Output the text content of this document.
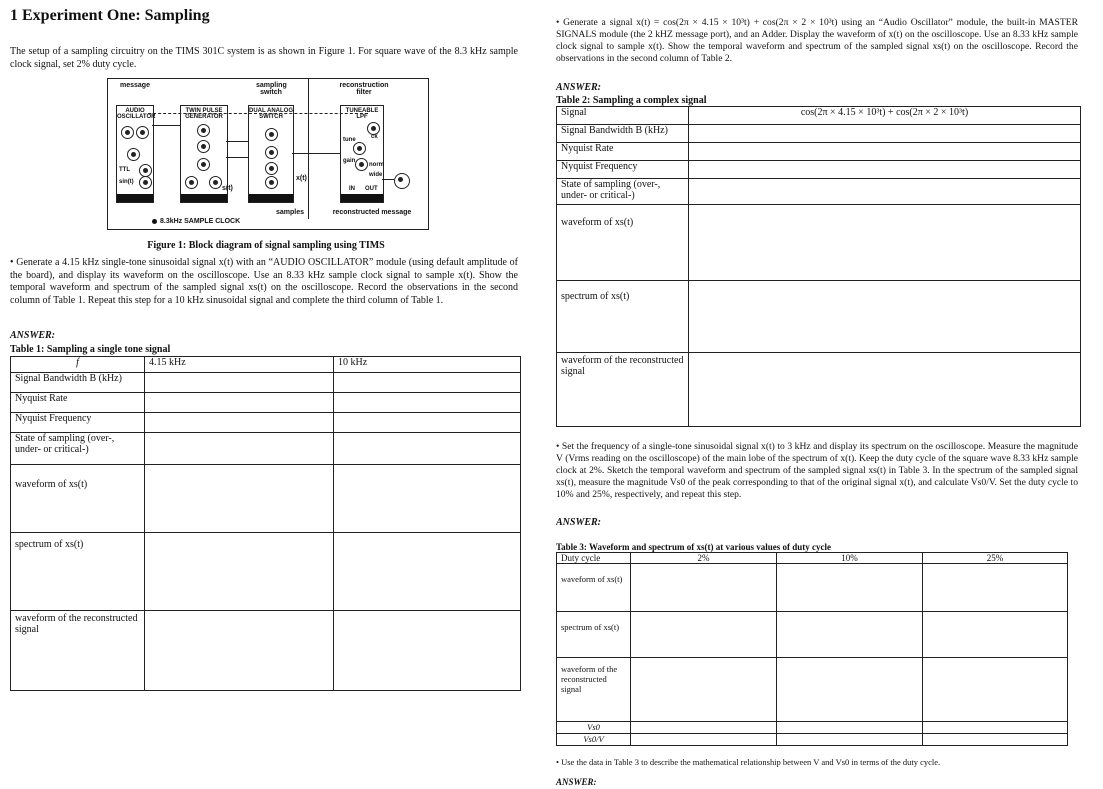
1 Experiment One: Sampling

The setup of a sampling circuitry on the TIMS 301C system is as shown in Figure 1. For square wave of the 8.3 kHz sample clock signal, set 2% duty cycle.

message	sampling switch
reconstruction filter
AUDIO OSCILLATOR
TTL
sin(t)
TWIN PULSE GENERATOR
s(t)
DUAL ANALOG SWITCH
x(t)
samples
TUNEABLE LPF
ck
tune
gain
norm
wide
IN OUT
reconstructed message
8.3kHz SAMPLE CLOCK
Figure 1: Block diagram of signal sampling using TIMS

• Generate a 4.15 kHz single-tone sinusoidal signal x(t) with an “AUDIO OSCILLATOR” module (using default amplitude of the board), and display its waveform on the oscilloscope. Use an 8.33 kHz sample clock signal to sample x(t). Show the temporal waveform and spectrum of the sampled signal xs(t) on the oscilloscope. Record the observations in the second column of Table 1. Repeat this step for a 10 kHz sinusoidal signal and complete the third column of Table 1.

ANSWER:
Table 1: Sampling a single tone signal
f	4.15 kHz	10 kHz
Signal Bandwidth B (kHz)		
Nyquist Rate		
Nyquist Frequency		
State of sampling (over-, under- or critical-)		
waveform of xs(t)		
spectrum of xs(t)		
waveform of the reconstructed signal		

• Generate a signal x(t) = cos(2π × 4.15 × 10³t) + cos(2π × 2 × 10³t) using an “Audio Oscillator” module, the built-in MASTER SIGNALS module (the 2 kHZ message port), and an Adder. Display the waveform of x(t) on the oscilloscope. Use an 8.33 kHz sample clock signal to sample x(t). Show the temporal waveform and spectrum of the sampled signal xs(t) on the oscilloscope. Record the observations in the second column of Table 2.

ANSWER:
Table 2: Sampling a complex signal
Signal	cos(2π × 4.15 × 10³t) + cos(2π × 2 × 10³t)
Signal Bandwidth B (kHz)	
Nyquist Rate	
Nyquist Frequency	
State of sampling (over-, under- or critical-)	
waveform of xs(t)	
spectrum of xs(t)	
waveform of the reconstructed signal	

• Set the frequency of a single-tone sinusoidal signal x(t) to 3 kHz and display its spectrum on the oscilloscope. Measure the magnitude V (Vrms reading on the oscilloscope) of the main lobe of the spectrum of x(t). Keep the duty cycle of the square wave 8.33 kHz sample clock at 2%. Sketch the temporal waveform and spectrum of the sampled signal xs(t) in Table 3. In the spectrum of the sampled signal xs(t), measure the magnitude Vs0 of the peak corresponding to that of the original signal x(t), and calculate Vs0/V. Set the duty cycle to 10% and 25%, respectively, and repeat this step.

ANSWER:
Table 3: Waveform and spectrum of xs(t) at various values of duty cycle
Duty cycle	2%	10%	25%
waveform of xs(t)			
spectrum of xs(t)			
waveform of the reconstructed signal			
Vs0			
Vs0/V			

• Use the data in Table 3 to describe the mathematical relationship between V and Vs0 in terms of the duty cycle.

ANSWER:
